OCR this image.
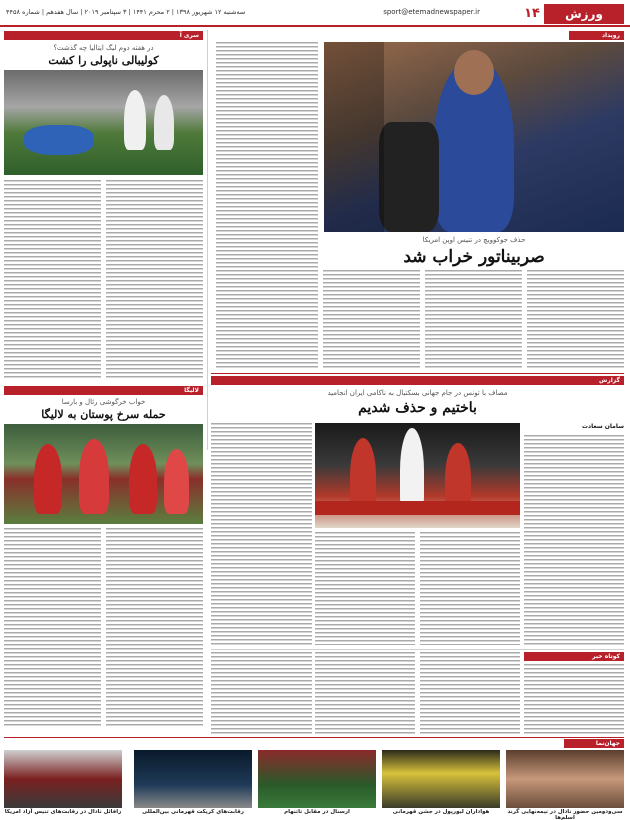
ورزش
۱۴
sport@etemadnewspaper.ir
سه‌شنبه ۱۲ شهریور ۱۳۹۸ | ۲ محرم ۱۴۴۱ | ۳ سپتامبر ۲۰۱۹ | سال هفدهم | شماره ۴۴۵۸
رویداد
حذف جوکوویچ در تنیس اوپن امریکا
صربیناتور خراب شد
سری آ
در هفته دوم لیگ ایتالیا چه گذشت؟
کولیبالی ناپولی را کشت
لالیگا
خواب خرگوشی رئال و بارسا
حمله سرخ پوستان به لالیگا
گزارش
مصاف با تونس در جام جهانی بسکتبال به ناکامی ایران انجامید
باختیم و حذف شدیم
سامان سعادت
کوتاه خبر
جهان‌نما
سی‌ودومین حضور نادال در نیمه‌نهایی گرند اسلم‌ها
هواداران لیورپول در جشن قهرمانی
ارسنال در مقابل تاتنهام
رقابت‌های کریکت قهرمانی بین‌المللی
رافائل نادال در رقابت‌های تنیس آزاد امریکا
